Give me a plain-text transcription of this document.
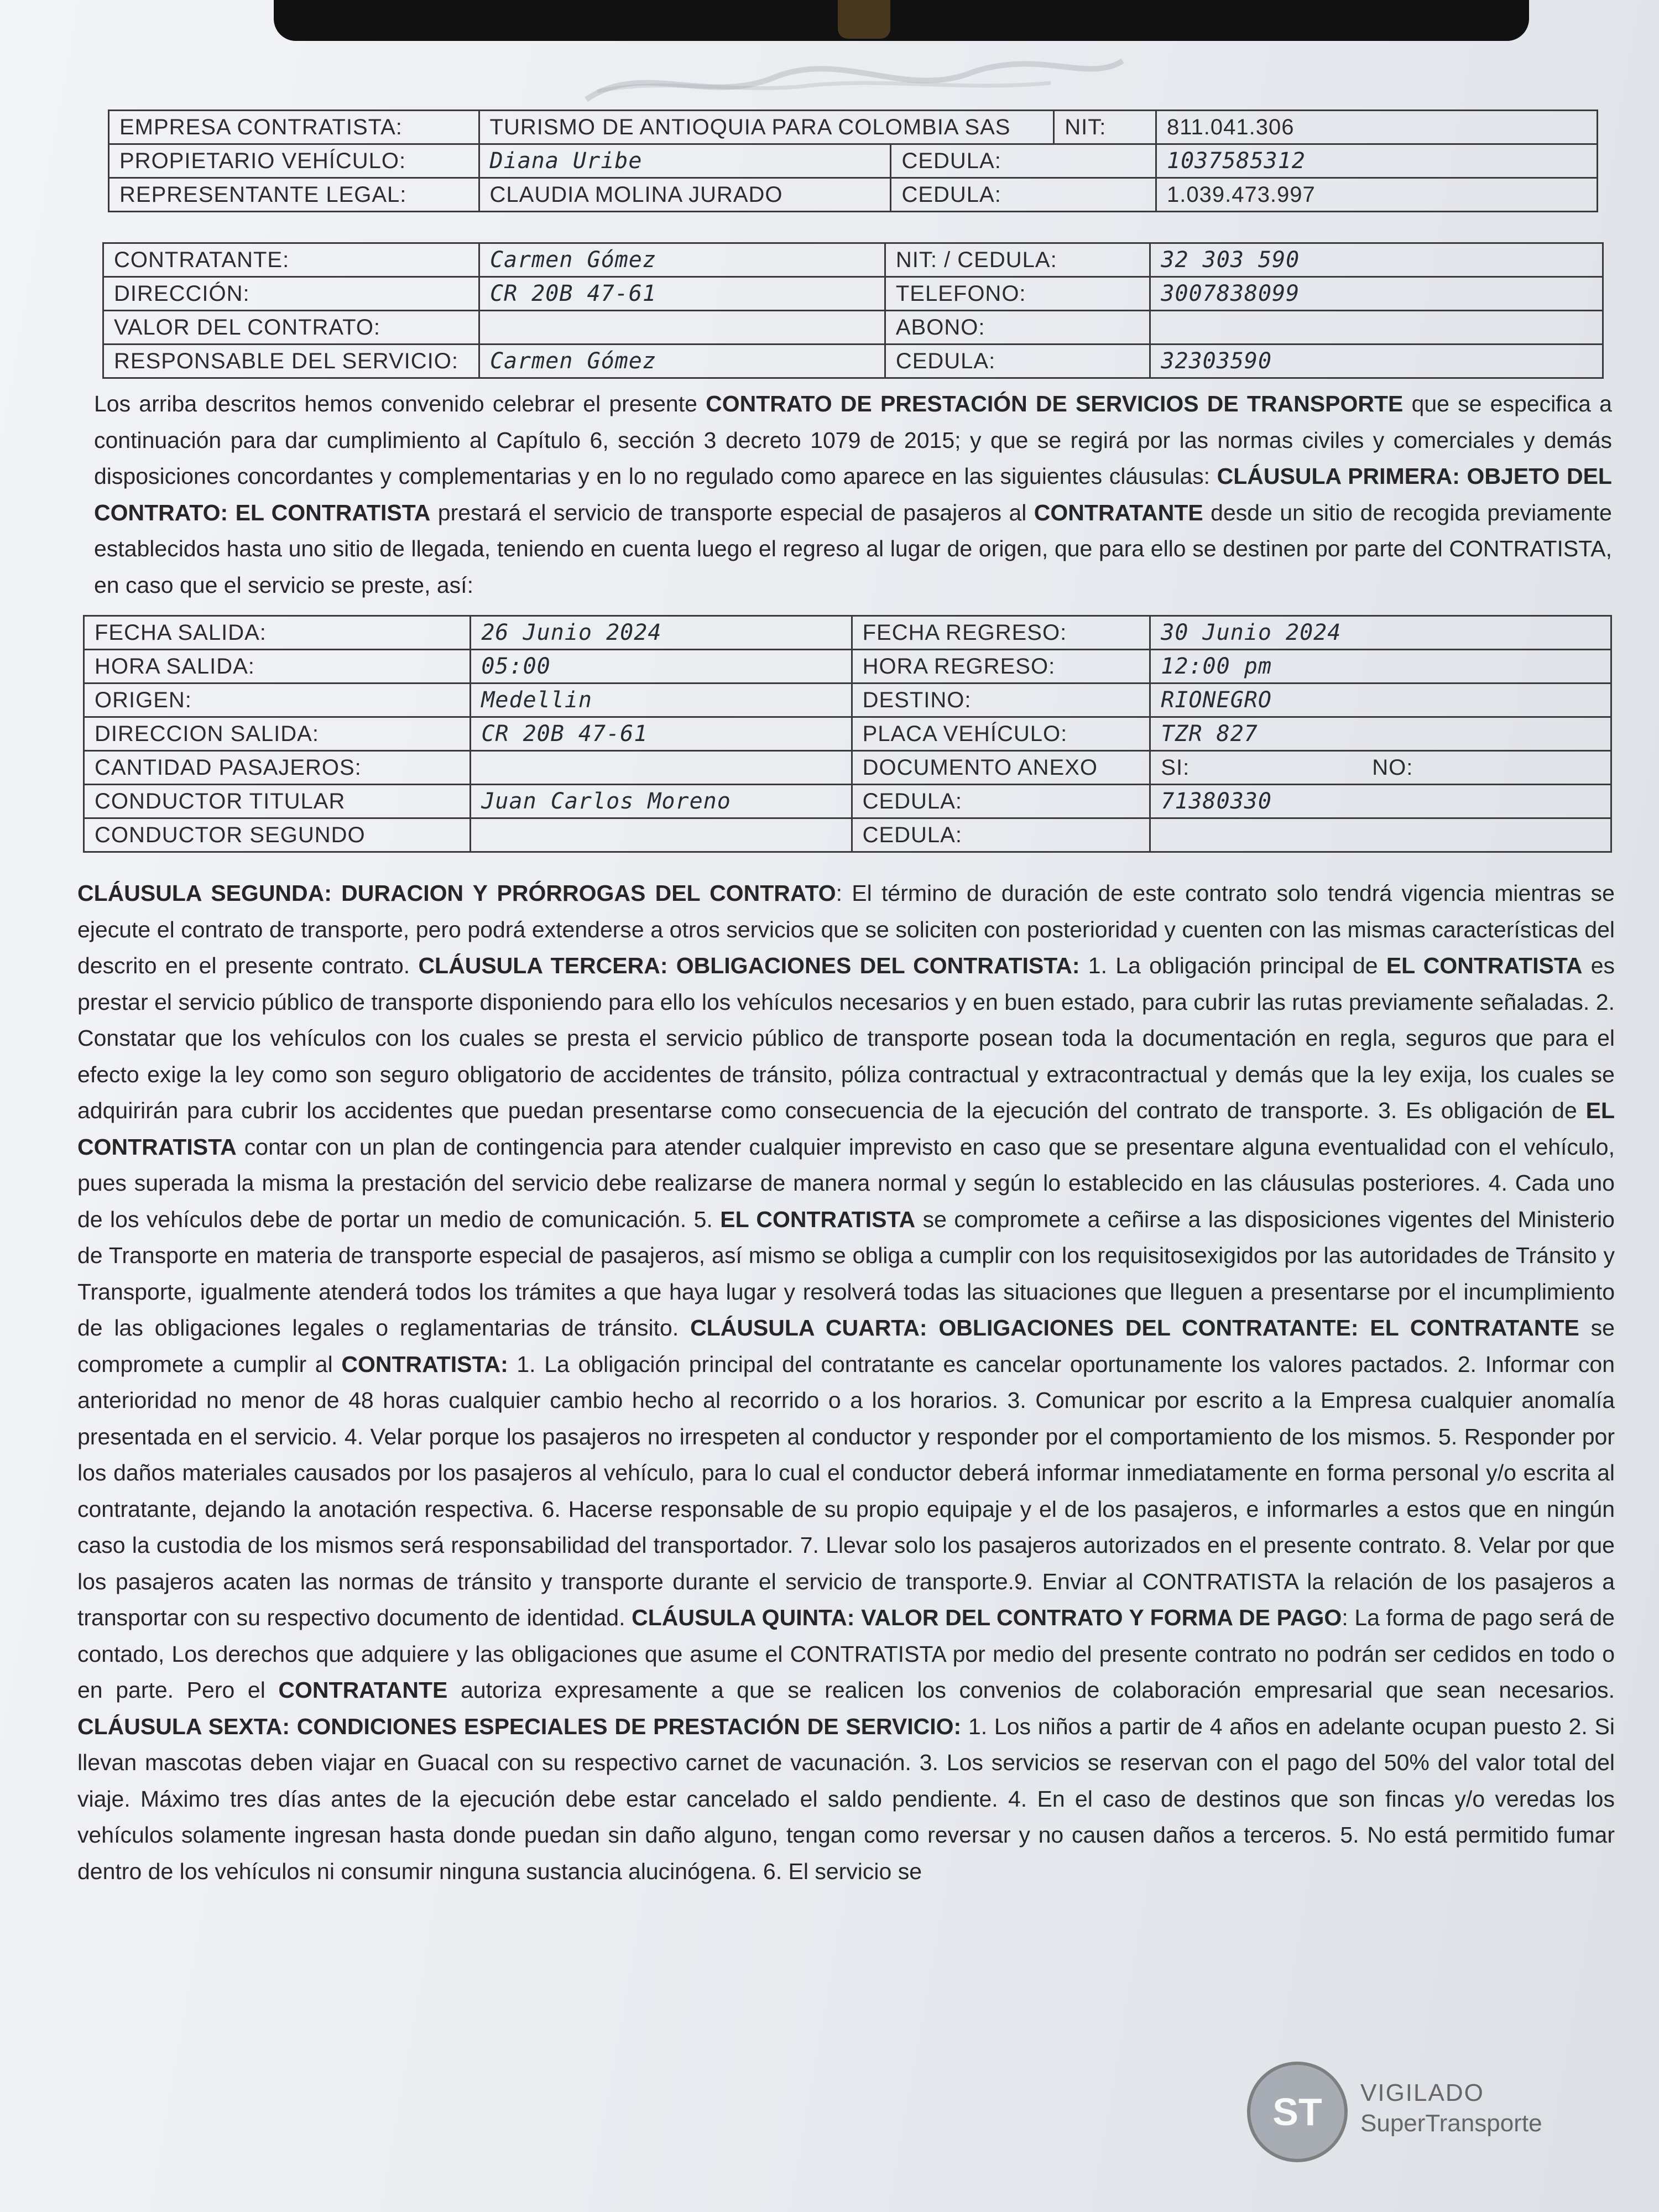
EMPRESA CONTRATISTA:	TURISMO DE ANTIOQUIA PARA COLOMBIA SAS		NIT:	811.041.306
PROPIETARIO VEHÍCULO:	Diana Uribe	CEDULA:		1037585312
REPRESENTANTE LEGAL:	CLAUDIA MOLINA JURADO	CEDULA:		1.039.473.997
CONTRATANTE:	Carmen Gómez	NIT: / CEDULA:	32 303 590
DIRECCIÓN:	CR 20B 47-61	TELEFONO:	3007838099
VALOR DEL CONTRATO:		ABONO:	
RESPONSABLE DEL SERVICIO:	Carmen Gómez	CEDULA:	32303590
Los arriba descritos hemos convenido celebrar el presente CONTRATO DE PRESTACIÓN DE SERVICIOS DE TRANSPORTE que se especifica a continuación para dar cumplimiento al Capítulo 6, sección 3 decreto 1079 de 2015; y que se regirá por las normas civiles y comerciales y demás disposiciones concordantes y complementarias y en lo no regulado como aparece en las siguientes cláusulas: CLÁUSULA PRIMERA: OBJETO DEL CONTRATO: EL CONTRATISTA prestará el servicio de transporte especial de pasajeros al CONTRATANTE desde un sitio de recogida previamente establecidos hasta uno sitio de llegada, teniendo en cuenta luego el regreso al lugar de origen, que para ello se destinen por parte del CONTRATISTA, en caso que el servicio se preste, así:
FECHA SALIDA:	26 Junio 2024	FECHA REGRESO:	30 Junio 2024
HORA SALIDA:	05:00	HORA REGRESO:	12:00 pm
ORIGEN:	Medellin	DESTINO:	RIONEGRO
DIRECCION SALIDA:	CR 20B 47-61	PLACA VEHÍCULO:	TZR 827
CANTIDAD PASAJEROS:		DOCUMENTO ANEXO	SI: NO:
CONDUCTOR TITULAR	Juan Carlos Moreno	CEDULA:	71380330
CONDUCTOR SEGUNDO		CEDULA:	
CLÁUSULA SEGUNDA: DURACION Y PRÓRROGAS DEL CONTRATO: El término de duración de este contrato solo tendrá vigencia mientras se ejecute el contrato de transporte, pero podrá extenderse a otros servicios que se soliciten con posterioridad y cuenten con las mismas características del descrito en el presente contrato. CLÁUSULA TERCERA: OBLIGACIONES DEL CONTRATISTA: 1. La obligación principal de EL CONTRATISTA es prestar el servicio público de transporte disponiendo para ello los vehículos necesarios y en buen estado, para cubrir las rutas previamente señaladas. 2. Constatar que los vehículos con los cuales se presta el servicio público de transporte posean toda la documentación en regla, seguros que para el efecto exige la ley como son seguro obligatorio de accidentes de tránsito, póliza contractual y extracontractual y demás que la ley exija, los cuales se adquirirán para cubrir los accidentes que puedan presentarse como consecuencia de la ejecución del contrato de transporte. 3. Es obligación de EL CONTRATISTA contar con un plan de contingencia para atender cualquier imprevisto en caso que se presentare alguna eventualidad con el vehículo, pues superada la misma la prestación del servicio debe realizarse de manera normal y según lo establecido en las cláusulas posteriores. 4. Cada uno de los vehículos debe de portar un medio de comunicación. 5. EL CONTRATISTA se compromete a ceñirse a las disposiciones vigentes del Ministerio de Transporte en materia de transporte especial de pasajeros, así mismo se obliga a cumplir con los requisitosexigidos por las autoridades de Tránsito y Transporte, igualmente atenderá todos los trámites a que haya lugar y resolverá todas las situaciones que lleguen a presentarse por el incumplimiento de las obligaciones legales o reglamentarias de tránsito. CLÁUSULA CUARTA: OBLIGACIONES DEL CONTRATANTE: EL CONTRATANTE se compromete a cumplir al CONTRATISTA: 1. La obligación principal del contratante es cancelar oportunamente los valores pactados. 2. Informar con anterioridad no menor de 48 horas cualquier cambio hecho al recorrido o a los horarios. 3. Comunicar por escrito a la Empresa cualquier anomalía presentada en el servicio. 4. Velar porque los pasajeros no irrespeten al conductor y responder por el comportamiento de los mismos. 5. Responder por los daños materiales causados por los pasajeros al vehículo, para lo cual el conductor deberá informar inmediatamente en forma personal y/o escrita al contratante, dejando la anotación respectiva. 6. Hacerse responsable de su propio equipaje y el de los pasajeros, e informarles a estos que en ningún caso la custodia de los mismos será responsabilidad del transportador. 7. Llevar solo los pasajeros autorizados en el presente contrato. 8. Velar por que los pasajeros acaten las normas de tránsito y transporte durante el servicio de transporte.9. Enviar al CONTRATISTA la relación de los pasajeros a transportar con su respectivo documento de identidad. CLÁUSULA QUINTA: VALOR DEL CONTRATO Y FORMA DE PAGO: La forma de pago será de contado, Los derechos que adquiere y las obligaciones que asume el CONTRATISTA por medio del presente contrato no podrán ser cedidos en todo o en parte. Pero el CONTRATANTE autoriza expresamente a que se realicen los convenios de colaboración empresarial que sean necesarios. CLÁUSULA SEXTA: CONDICIONES ESPECIALES DE PRESTACIÓN DE SERVICIO: 1. Los niños a partir de 4 años en adelante ocupan puesto 2. Si llevan mascotas deben viajar en Guacal con su respectivo carnet de vacunación. 3. Los servicios se reservan con el pago del 50% del valor total del viaje. Máximo tres días antes de la ejecución debe estar cancelado el saldo pendiente. 4. En el caso de destinos que son fincas y/o veredas los vehículos solamente ingresan hasta donde puedan sin daño alguno, tengan como reversar y no causen daños a terceros. 5. No está permitido fumar dentro de los vehículos ni consumir ninguna sustancia alucinógena. 6. El servicio se
ST	VIGILADO
SuperTransporte
